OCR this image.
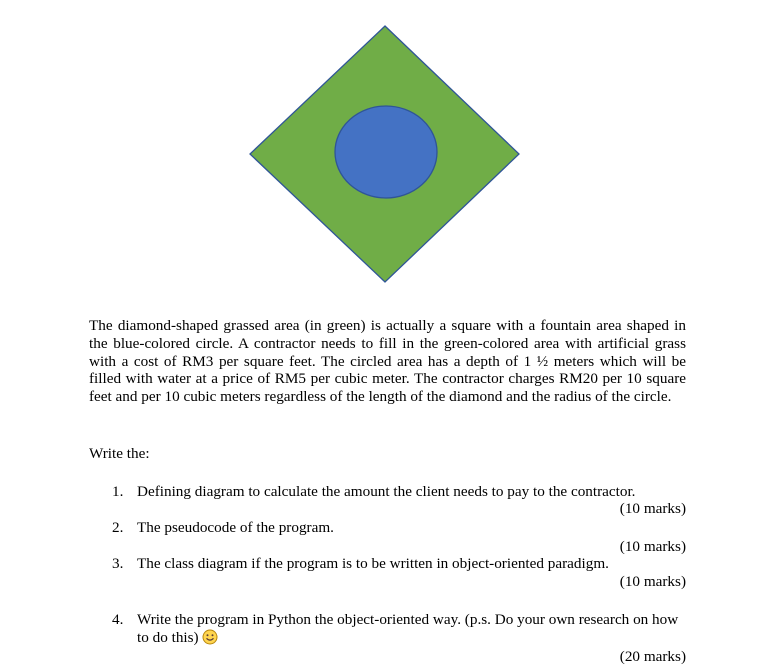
The diamond-shaped grassed area (in green) is actually a square with a fountain area shaped in the blue-colored circle. A contractor needs to fill in the green-colored area with artificial grass with a cost of RM3 per square feet. The circled area has a depth of 1 ½ meters which will be filled with water at a price of RM5 per cubic meter. The contractor charges RM20 per 10 square feet and per 10 cubic meters regardless of the length of the diamond and the radius of the circle.

Write the:

1. Defining diagram to calculate the amount the client needs to pay to the contractor.
(10 marks)
2. The pseudocode of the program.
(10 marks)
3. The class diagram if the program is to be written in object-oriented paradigm.
(10 marks)
4. Write the program in Python the object-oriented way. (p.s. Do your own research on how to do this)
(20 marks)
